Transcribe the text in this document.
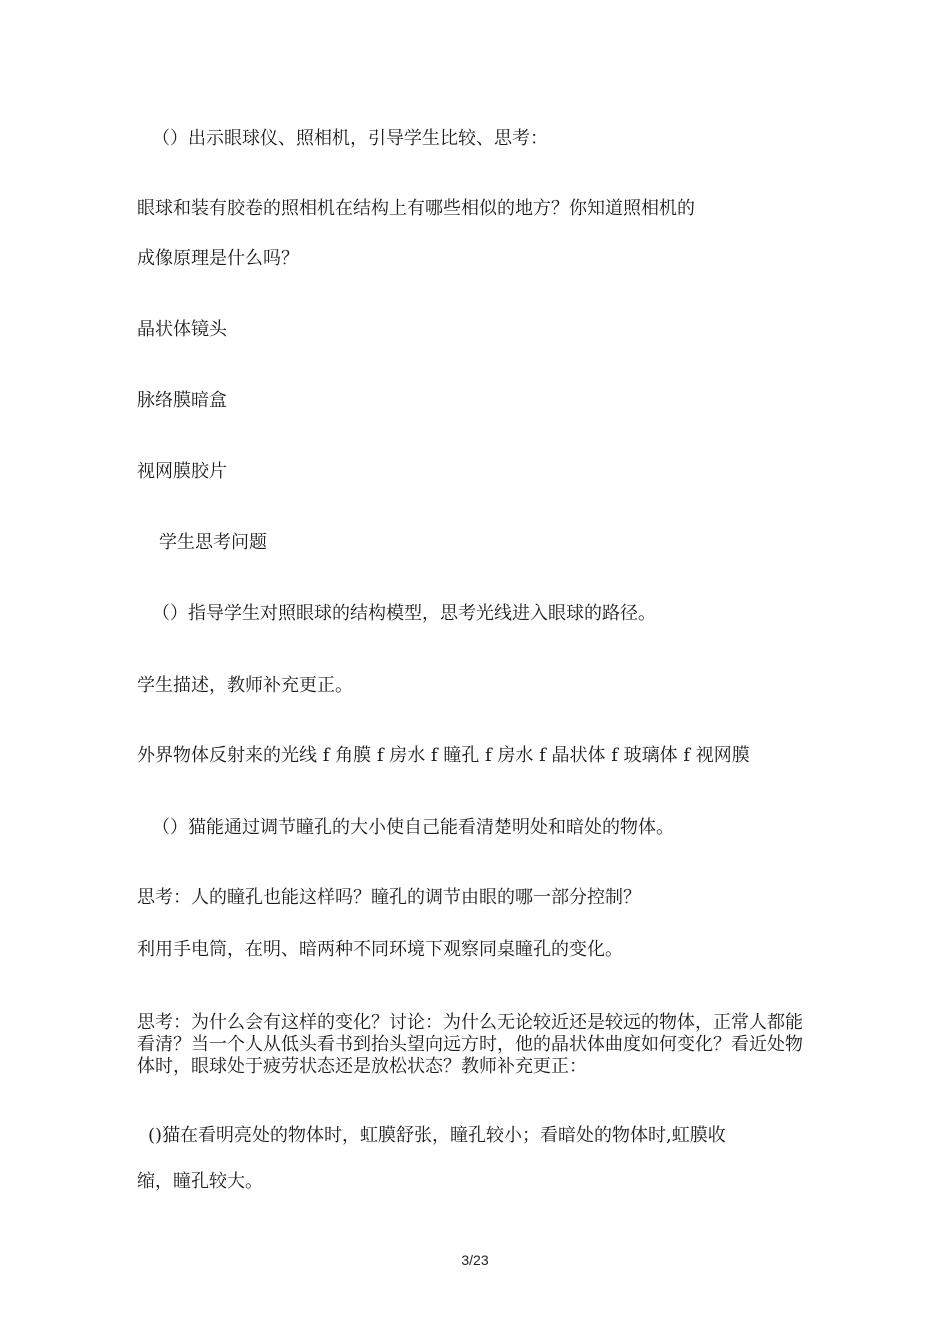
（）出示眼球仪、照相机，引导学生比较、思考：
眼球和装有胶卷的照相机在结构上有哪些相似的地方？你知道照相机的
成像原理是什么吗？
晶状体镜头
脉络膜暗盒
视网膜胶片
学生思考问题
（）指导学生对照眼球的结构模型，思考光线进入眼球的路径。
学生描述，教师补充更正。
外界物体反射来的光线 f 角膜 f 房水 f 瞳孔 f 房水 f 晶状体 f 玻璃体 f 视网膜
（）猫能通过调节瞳孔的大小使自己能看清楚明处和暗处的物体。
思考：人的瞳孔也能这样吗？瞳孔的调节由眼的哪一部分控制？
利用手电筒，在明、暗两种不同环境下观察同桌瞳孔的变化。
思考：为什么会有这样的变化？讨论：为什么无论较近还是较远的物体，正常人都能看清？当一个人从低头看书到抬头望向远方时，他的晶状体曲度如何变化？看近处物体时，眼球处于疲劳状态还是放松状态？教师补充更正：
()猫在看明亮处的物体时，虹膜舒张，瞳孔较小；看暗处的物体时,虹膜收
缩，瞳孔较大。
3/23
